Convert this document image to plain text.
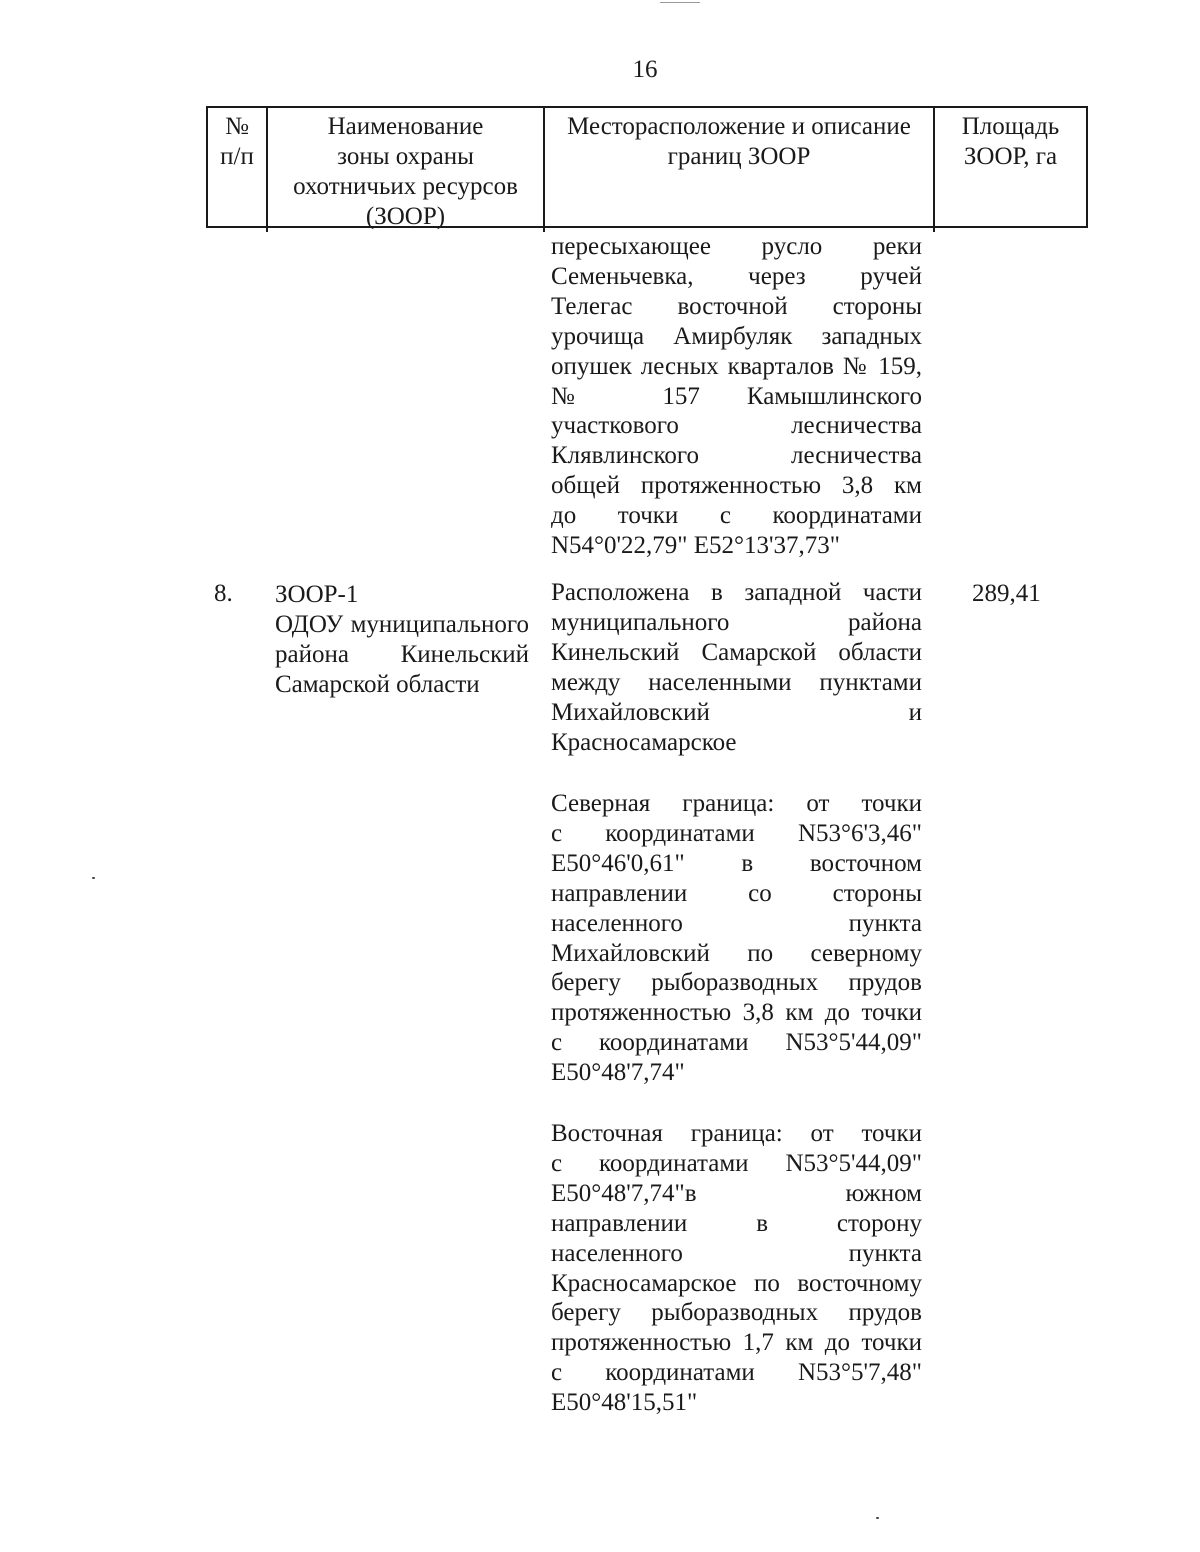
16
№
п/п
Наименование
зоны охраны
охотничьих ресурсов
(ЗООР)
Месторасположение и описание
границ ЗООР
Площадь
ЗООР, га
пересыхающее русло реки
Семеньчевка, через ручей
Телегас восточной стороны
урочища Амирбуляк западных
опушек лесных кварталов № 159,
№ 157 Камышлинского
участкового лесничества
Клявлинского лесничества
общей протяженностью 3,8 км
до точки с координатами
N54°0'22,79" E52°13'37,73"
8. ЗООР-1
ОДОУ муниципального
района Кинельский
Самарской области
289,41
Расположена в западной части
муниципального района
Кинельский Самарской области
между населенными пунктами
Михайловский и
Красносамарское
Северная граница: от точки
с координатами N53°6'3,46"
E50°46'0,61" в восточном
направлении со стороны
населенного пункта
Михайловский по северному
берегу рыборазводных прудов
протяженностью 3,8 км до точки
с координатами N53°5'44,09"
E50°48'7,74"
Восточная граница: от точки
с координатами N53°5'44,09"
E50°48'7,74"в южном
направлении в сторону
населенного пункта
Красносамарское по восточному
берегу рыборазводных прудов
протяженностью 1,7 км до точки
с координатами N53°5'7,48"
E50°48'15,51"
